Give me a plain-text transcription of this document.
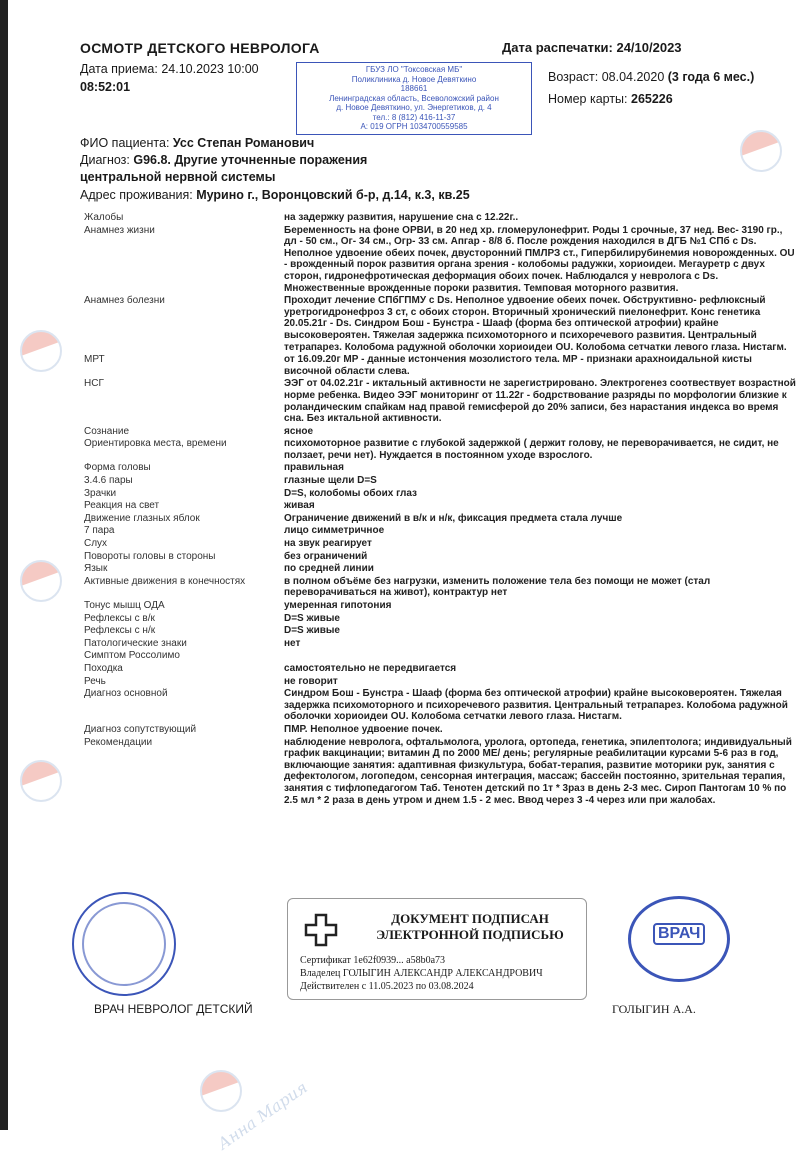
Анна Мария
ОСМОТР ДЕТСКОГО НЕВРОЛОГА	Дата распечатки: 24/10/2023
Дата приема: 24.10.2023 10:00
08:52:01
ГБУЗ ЛО "Токсовская МБ"
Поликлиника д. Новое Девяткино
188661
Ленинградская область, Всеволожский район
д. Новое Девяткино, ул. Энергетиков, д. 4
тел.: 8 (812) 416-11-37
А: 019 ОГРН 1034700559585
Возраст: 08.04.2020 (3 года 6 мес.)
Номер карты: 265226
ФИО пациента: Усс Степан Романович
Диагноз: G96.8. Другие уточненные поражения
центральной нервной системы
Адрес проживания: Мурино г., Воронцовский б-р, д.14, к.3, кв.25
Жалобы	на задержку развития, нарушение сна с 12.22г..
Анамнез жизни	Беременность на фоне ОРВИ, в 20 нед хр. гломерулонефрит. Роды 1 срочные, 37 нед. Вес- 3190 гр., дл - 50 см., Ог- 34 см., Огр- 33 см. Апгар - 8/8 б. После рождения находился в ДГБ №1 СПб с Ds. Неполное удвоение обеих почек, двусторонний ПМЛРЗ ст., Гипербилирубинемия новорожденных. OU - врожденный порок развития органа зрения - колобомы радужки, хориоидеи. Мегауретр с двух сторон, гидронефротическая деформация обоих почек. Наблюдался у невролога с Ds. Множественные врожденные пороки развития. Темповая моторного развития.
Анамнез болезни	Проходит лечение СПбГПМУ с Ds. Неполное удвоение обеих почек. Обструктивно- рефлюксный уретрогидронефроз 3 ст, с обоих сторон. Вторичный хронический пиелонефрит. Конс генетика 20.05.21г - Ds. Синдром Бош - Бунстра - Шааф (форма без оптической атрофии) крайне высоковероятен. Тяжелая задержка психомоторного и психоречевого развития. Центральный тетрапарез. Колобома радужной оболочки хориоидеи OU. Колобома сетчатки левого глаза. Нистагм.
МРТ	от 16.09.20г МР - данные истончения мозолистого тела. МР - признаки арахноидальной кисты височной области слева.
НСГ	ЭЭГ от 04.02.21г - иктальный активности не зарегистрировано. Электрогенез соотвествует возрастной норме ребенка. Видео ЭЭГ мониторинг от 11.22г - бодрствование разряды по морфологии близкие к роландическим спайкам над правой гемисферой до 20% записи, без нарастания индекса во время сна. Без иктальной активности.
Сознание	ясное
Ориентировка места, времени	психомоторное развитие с глубокой задержкой ( держит голову, не переворачивается, не сидит, не ползает, речи нет). Нуждается в постоянном уходе взрослого.
Форма головы	правильная
3.4.6 пары	глазные щели D=S
Зрачки	D=S, колобомы обоих глаз
Реакция на свет	живая
Движение глазных яблок	Ограничение движений в в/к и н/к, фиксация предмета стала лучше
7 пара	лицо симметричное
Слух	на звук реагирует
Повороты головы в стороны	без ограничений
Язык	по средней линии
Активные движения в конечностях	в полном объёме без нагрузки, изменить положение тела без помощи не может (стал переворачиваться на живот), контрактур нет
Тонус мышц ОДА	умеренная гипотония
Рефлексы с в/к	D=S живые
Рефлексы с н/к	D=S живые
Патологические знаки	нет
Симптом Россолимо
Походка	самостоятельно не передвигается
Речь	не говорит
Диагноз основной	Синдром Бош - Бунстра - Шааф (форма без оптической атрофии) крайне высоковероятен. Тяжелая задержка психомоторного и психоречевого развития. Центральный тетрапарез. Колобома радужной оболочки хориоидеи OU. Колобома сетчатки левого глаза. Нистагм.
Диагноз сопутствующий	ПМР. Неполное удвоение почек.
Рекомендации	наблюдение невролога, офтальмолога, уролога, ортопеда, генетика, эпилептолога; индивидуальный график вакцинации; витамин Д по 2000 МЕ/ день; регулярные реабилитации курсами 5-6 раз в год, включающие занятия: адаптивная физкультура, бобат-терапия, развитие моторики рук, занятия с дефектологом, логопедом, сенсорная интеграция, массаж; бассейн постоянно, зрительная терапия, занятия с тифлопедагогом Таб. Тенотен детский по 1т * 3раз в день 2-3 мес. Сироп Пантогам 10 % по 2.5 мл * 2 раза в день утром и днем 1.5 - 2 мес. Ввод через 3 -4 через или при жалобах.
ВРАЧ НЕВРОЛОГ ДЕТСКИЙ
ДОКУМЕНТ ПОДПИСАН
ЭЛЕКТРОННОЙ ПОДПИСЬЮ
Сертификат 1e62f0939... a58b0a73
Владелец ГОЛЫГИН АЛЕКСАНДР АЛЕКСАНДРОВИЧ
Действителен с 11.05.2023 по 03.08.2024
ВРАЧ
ГОЛЫГИН А.А.
